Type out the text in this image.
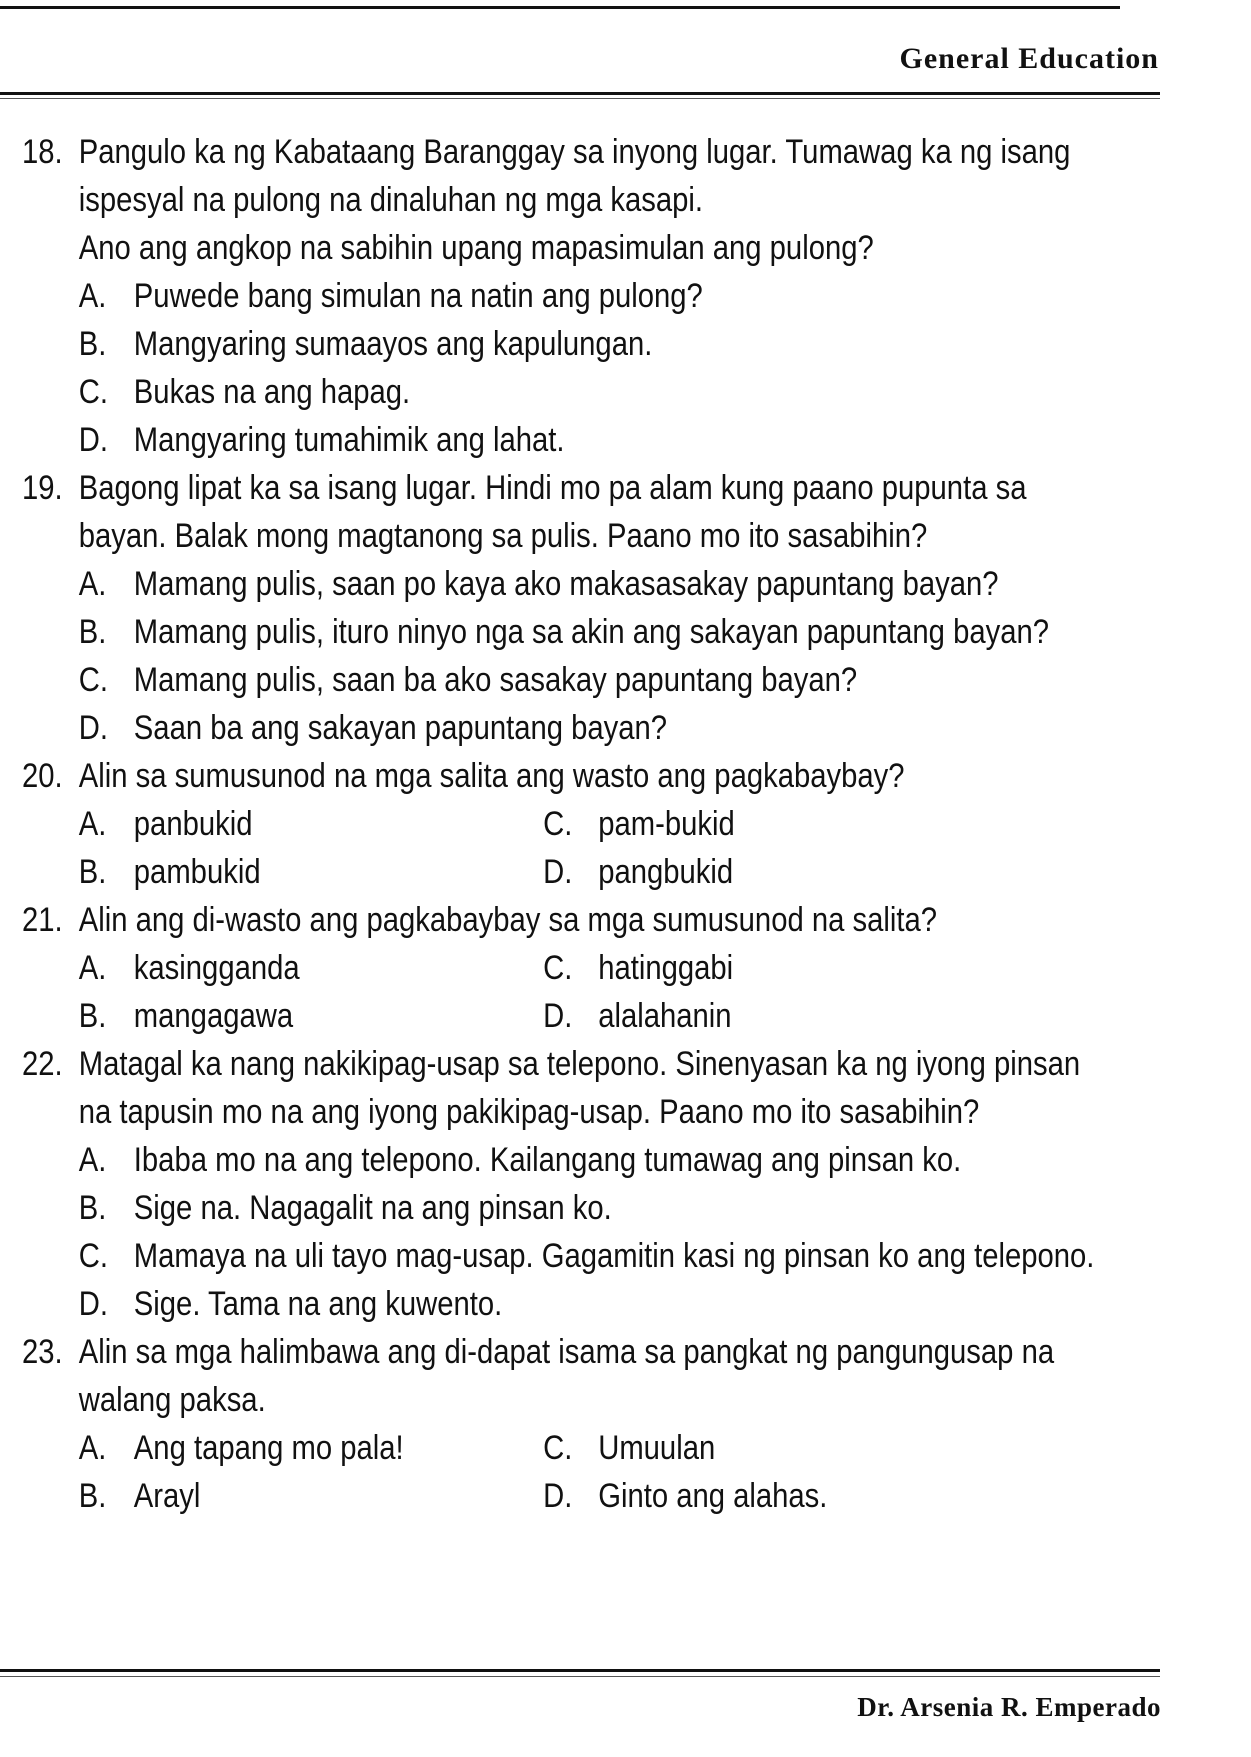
General Education
18. Pangulo ka ng Kabataang Baranggay sa inyong lugar. Tumawag ka ng isang
ispesyal na pulong na dinaluhan ng mga kasapi.
Ano ang angkop na sabihin upang mapasimulan ang pulong?
A. Puwede bang simulan na natin ang pulong?
B. Mangyaring sumaayos ang kapulungan.
C. Bukas na ang hapag.
D. Mangyaring tumahimik ang lahat.
19. Bagong lipat ka sa isang lugar. Hindi mo pa alam kung paano pupunta sa
bayan. Balak mong magtanong sa pulis. Paano mo ito sasabihin?
A. Mamang pulis, saan po kaya ako makasasakay papuntang bayan?
B. Mamang pulis, ituro ninyo nga sa akin ang sakayan papuntang bayan?
C. Mamang pulis, saan ba ako sasakay papuntang bayan?
D. Saan ba ang sakayan papuntang bayan?
20. Alin sa sumusunod na mga salita ang wasto ang pagkabaybay?
A. panbukid	C. pam-bukid
B. pambukid	D. pangbukid
21. Alin ang di-wasto ang pagkabaybay sa mga sumusunod na salita?
A. kasingganda	C. hatinggabi
B. mangagawa	D. alalahanin
22. Matagal ka nang nakikipag-usap sa telepono. Sinenyasan ka ng iyong pinsan
na tapusin mo na ang iyong pakikipag-usap. Paano mo ito sasabihin?
A. Ibaba mo na ang telepono. Kailangang tumawag ang pinsan ko.
B. Sige na. Nagagalit na ang pinsan ko.
C. Mamaya na uli tayo mag-usap. Gagamitin kasi ng pinsan ko ang telepono.
D. Sige. Tama na ang kuwento.
23. Alin sa mga halimbawa ang di-dapat isama sa pangkat ng pangungusap na
walang paksa.
A. Ang tapang mo pala!	C. Umuulan
B. Arayl	D. Ginto ang alahas.
Dr. Arsenia R. Emperado
